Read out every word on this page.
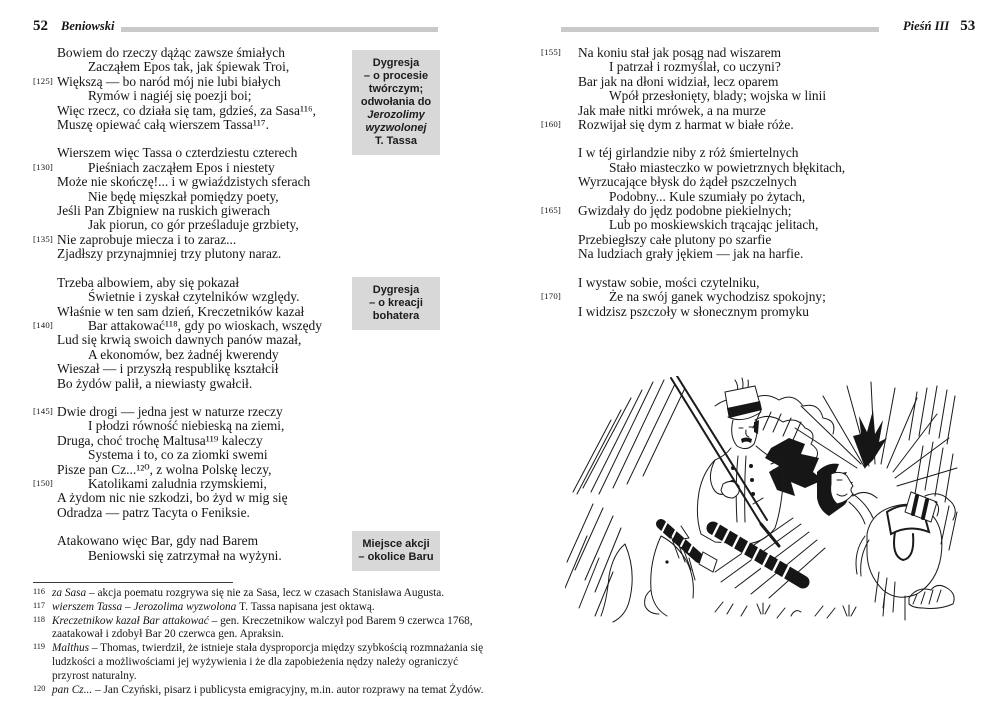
52 Beniowski	Pieśń III 53
Bowiem do rzeczy dążąc zawsze śmiałych
Zacząłem Epos tak, jak śpiewak Troi,
[125] Większą — bo naród mój nie lubi białych
Rymów i nagiéj się poezji boi;
Więc rzecz, co działa się tam, gdzieś, za Sasa¹¹⁶,
Muszę opiewać całą wierszem Tassa¹¹⁷.
Wierszem więc Tassa o czterdziestu czterech
[130]	Pieśniach zacząłem Epos i niestety
Może nie skończę!... i w gwiaździstych sferach
Nie będę mięszkał pomiędzy poety,
Jeśli Pan Zbigniew na ruskich giwerach
Jak piorun, co gór prześladuje grzbiety,
[135] Nie zaprobuje miecza i to zaraz...
Zjadłszy przynajmniej trzy plutony naraz.
Trzeba albowiem, aby się pokazał
Świetnie i zyskał czytelników względy.
Właśnie w ten sam dzień, Kreczetników kazał
[140]	Bar attakować¹¹⁸, gdy po wioskach, wszędy
Lud się krwią swoich dawnych panów mazał,
A ekonomów, bez żadnéj kwerendy
Wieszał — i przyszłą respublikę kształcił
Bo żydów palił, a niewiasty gwałcił.
[145] Dwie drogi — jedna jest w naturze rzeczy
I płodzi równość niebieską na ziemi,
Druga, choć trochę Maltusa¹¹⁹ kaleczy
Systema i to, co za ziomki swemi
Pisze pan Cz...¹²⁰, z wolna Polskę leczy,
[150]	Katolikami zaludnia rzymskiemi,
A żydom nic nie szkodzi, bo żyd w mig się
Odradza — patrz Tacyta o Feniksie.
Atakowano więc Bar, gdy nad Barem
Beniowski się zatrzymał na wyżyni.
Dygresja
– o procesie
twórczym;
odwołania do
Jerozolimy
wyzwolonej
T. Tassa
Dygresja
– o kreacji
bohatera
Miejsce akcji
– okolice Baru
116 za Sasa – akcja poematu rozgrywa się nie za Sasa, lecz w czasach Stanisława Augusta.
117 wierszem Tassa – Jerozolima wyzwolona T. Tassa napisana jest oktawą.
118 Kreczetnikow kazał Bar attakować – gen. Kreczetnikow walczył pod Barem 9 czerwca 1768, zaatakował i zdobył Bar 20 czerwca gen. Apraksin.
119 Malthus – Thomas, twierdził, że istnieje stała dysproporcja między szybkością rozmnażania się ludzkości a możliwościami jej wyżywienia i że dla zapobieżenia nędzy należy ograniczyć przyrost naturalny.
120 pan Cz... – Jan Czyński, pisarz i publicysta emigracyjny, m.in. autor rozprawy na temat Żydów.
[155] Na koniu stał jak posąg nad wiszarem
I patrzał i rozmyślał, co uczyni?
Bar jak na dłoni widział, lecz oparem
Wpół przesłonięty, blady; wojska w linii
Jak małe nitki mrówek, a na murze
[160] Rozwijał się dym z harmat w białe róże.
I w téj girlandzie niby z róż śmiertelnych
Stało miasteczko w powietrznych błękitach,
Wyrzucające błysk do żądeł pszczelnych
Podobny... Kule szumiały po żytach,
[165] Gwizdały do jędz podobne piekielnych;
Lub po moskiewskich trącając jelitach,
Przebiegłszy całe plutony po szarfie
Na ludziach grały jękiem — jak na harfie.
I wystaw sobie, mości czytelniku,
[170]	Że na swój ganek wychodzisz spokojny;
I widzisz pszczoły w słonecznym promyku
